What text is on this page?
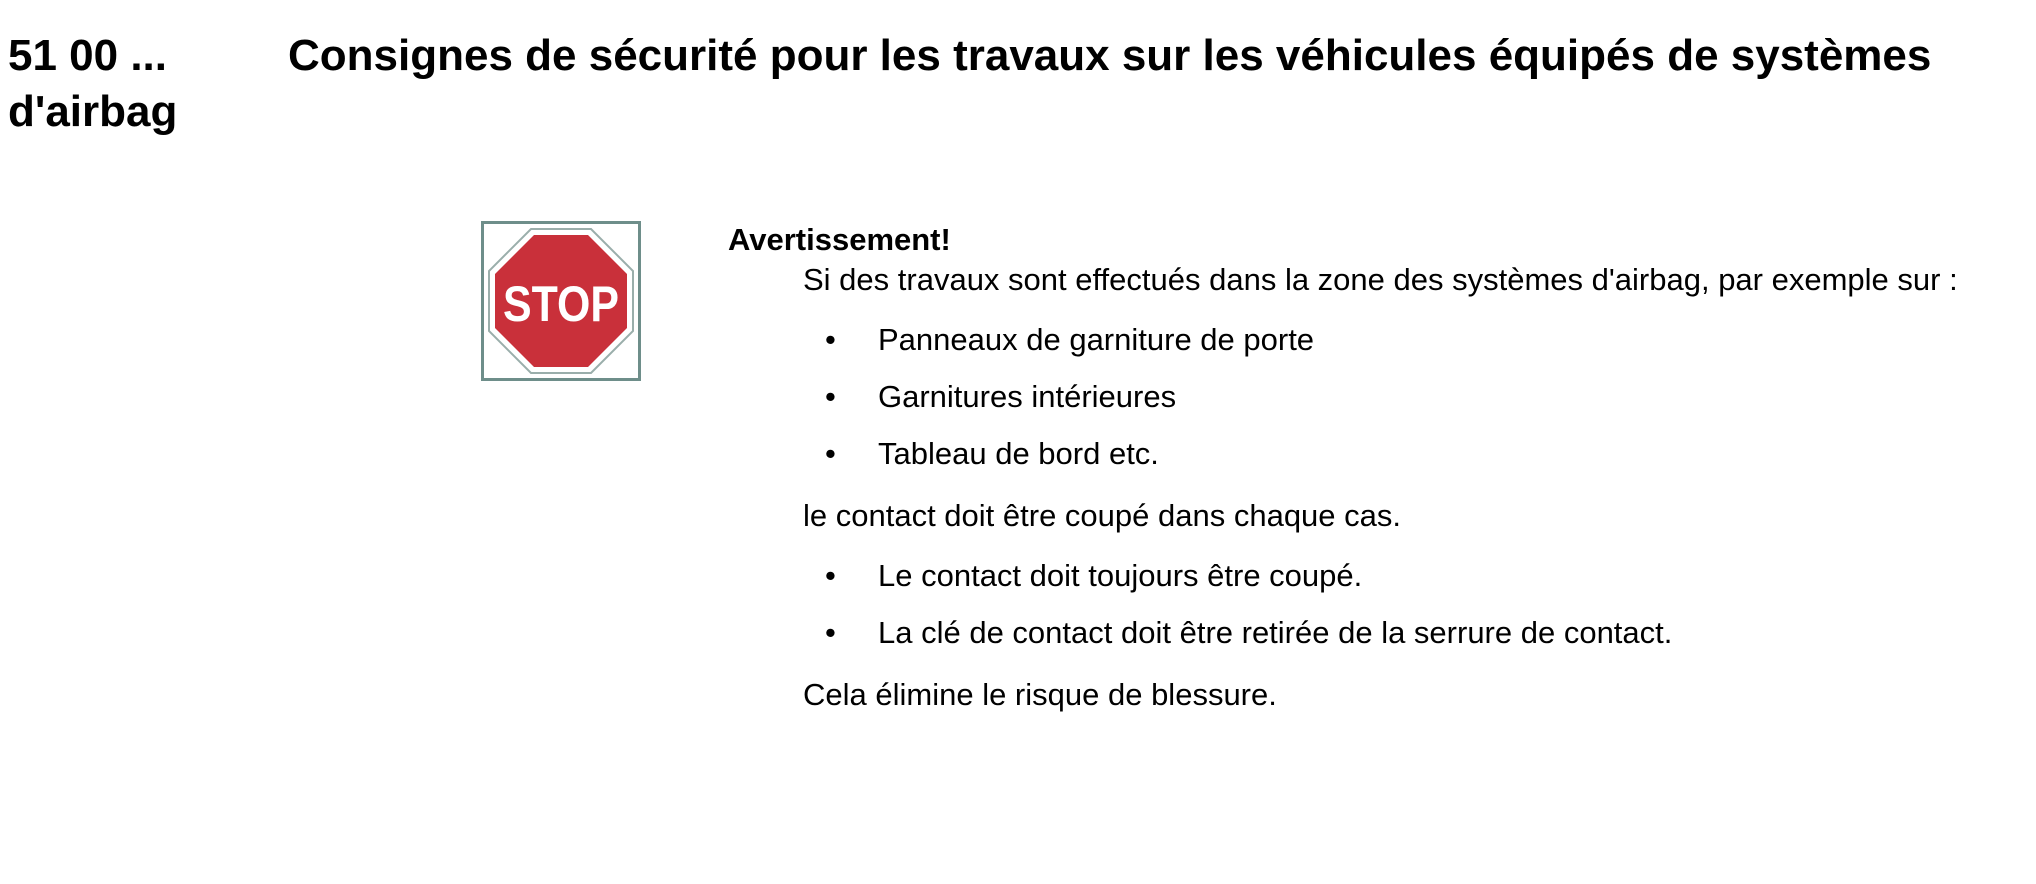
51 00 ...	Consignes de sécurité pour les travaux sur les véhicules équipés de systèmes d'airbag
STOP

Avertissement!

Si des travaux sont effectués dans la zone des systèmes d'airbag, par exemple sur :

• Panneaux de garniture de porte
• Garnitures intérieures
• Tableau de bord etc.

le contact doit être coupé dans chaque cas.

• Le contact doit toujours être coupé.
• La clé de contact doit être retirée de la serrure de contact.

Cela élimine le risque de blessure.
